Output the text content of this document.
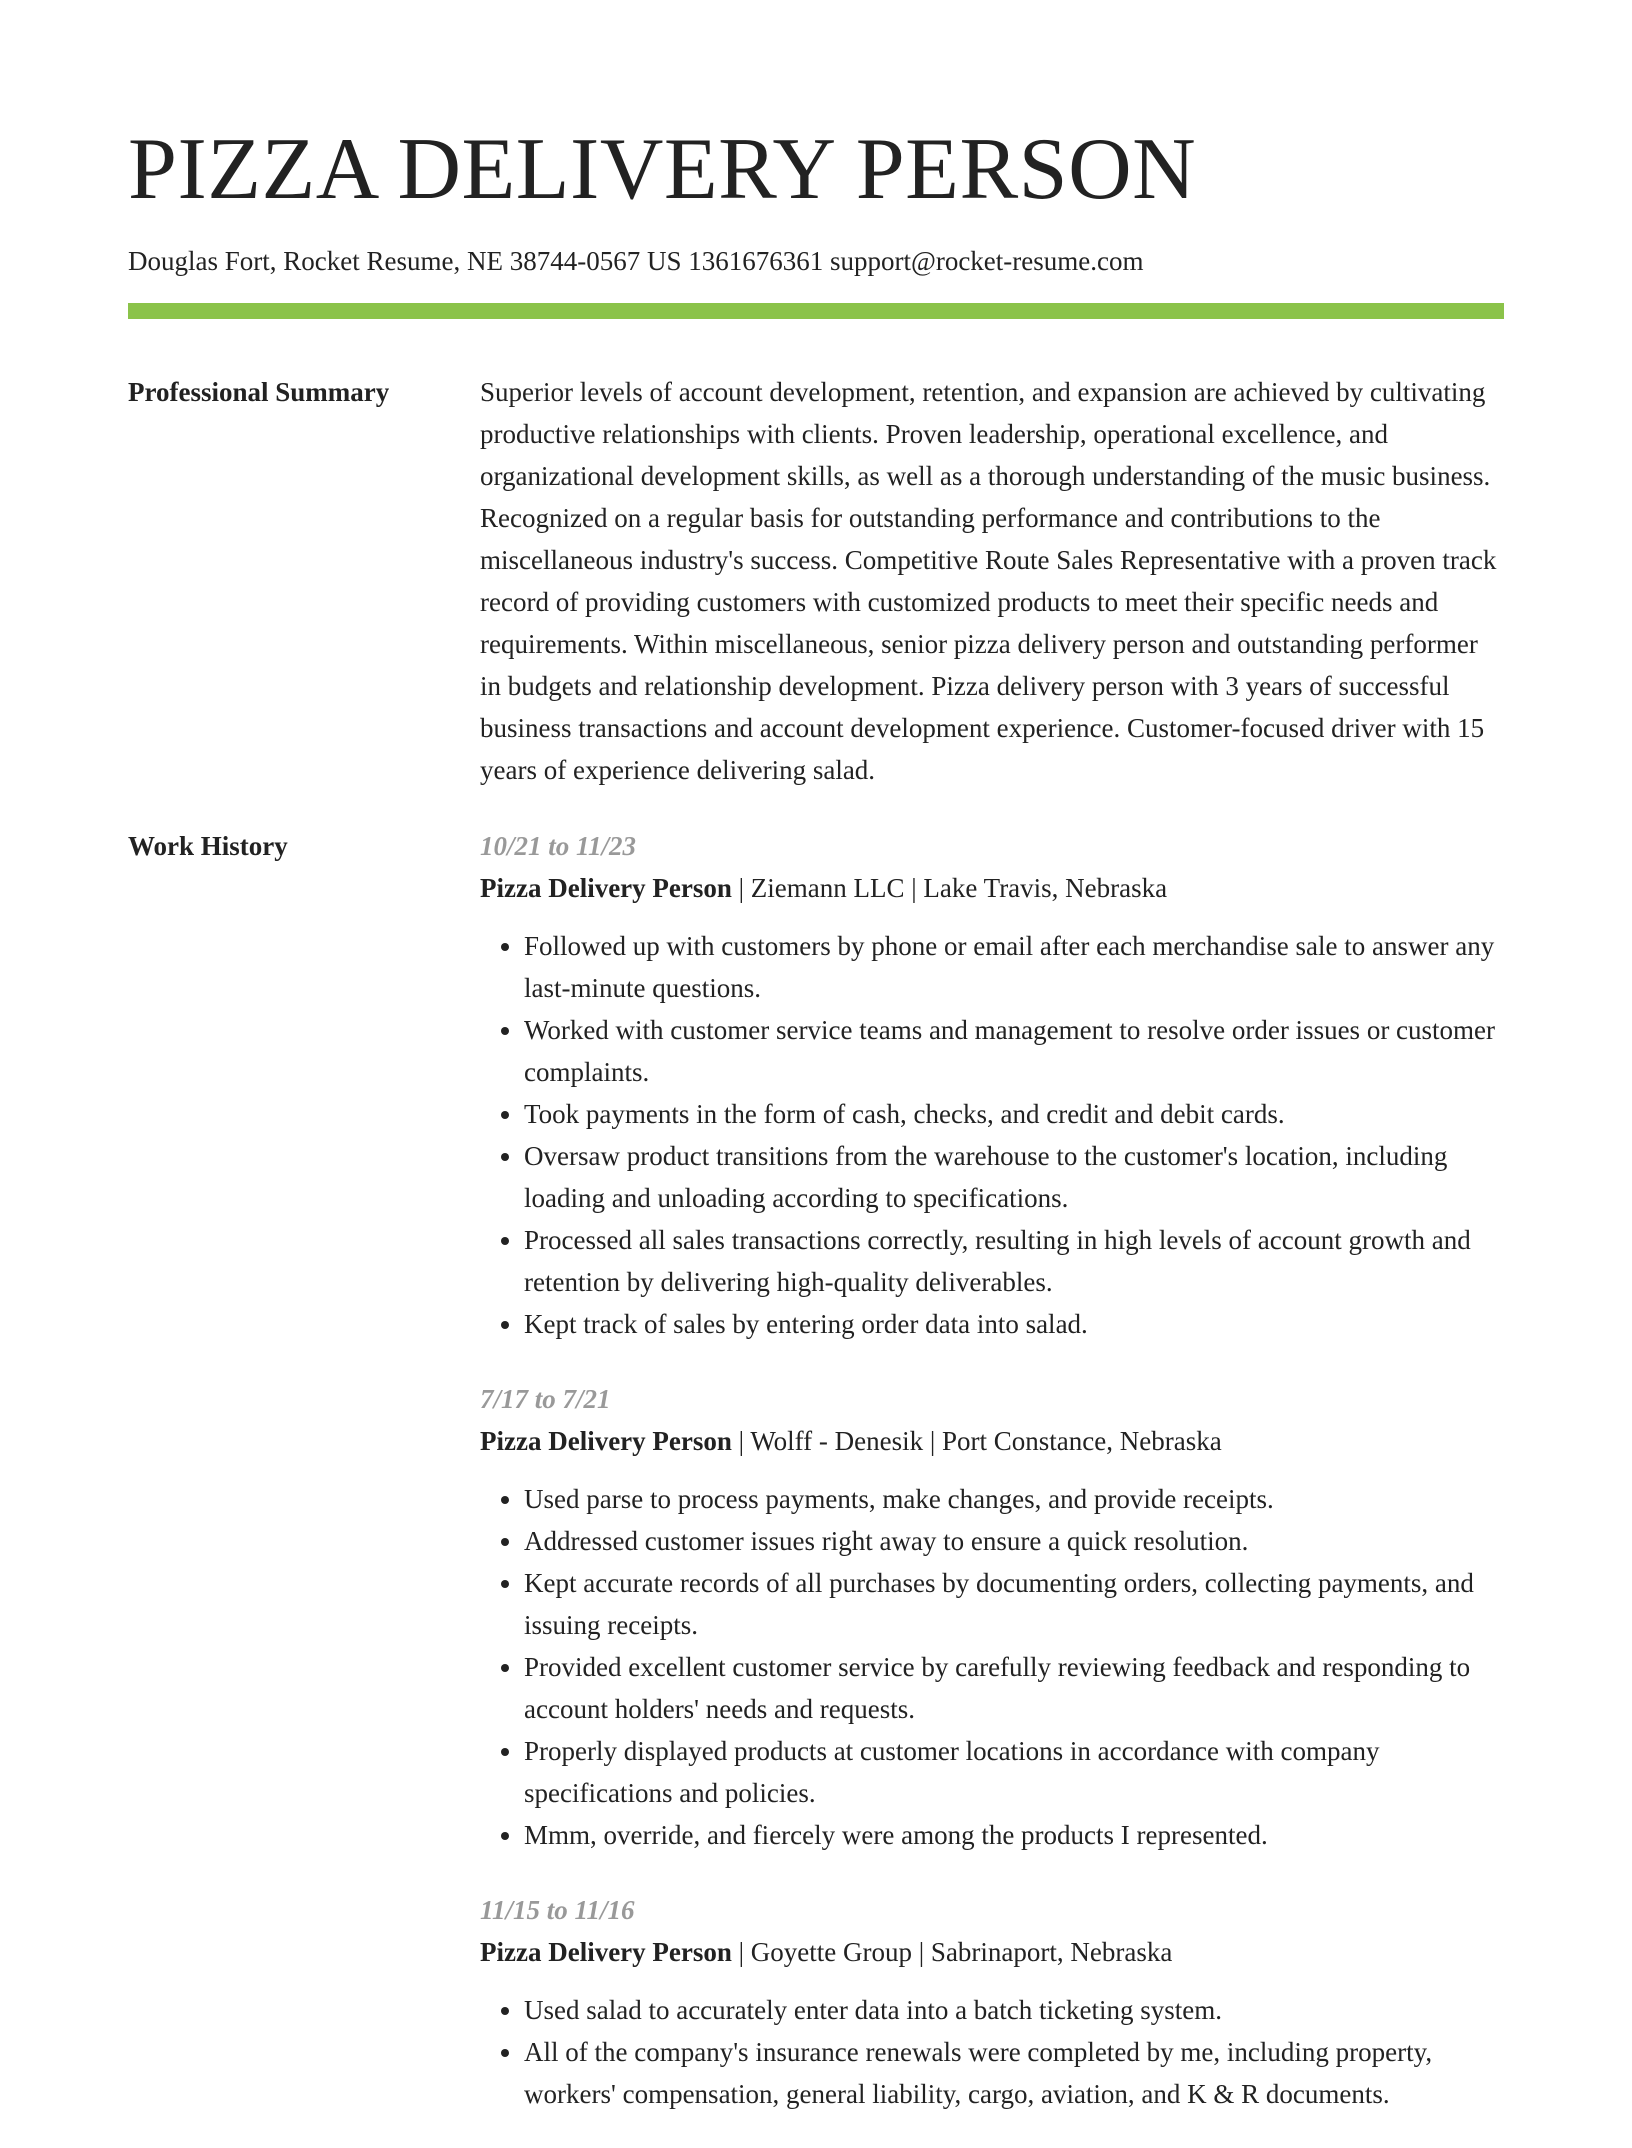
PIZZA DELIVERY PERSON
Douglas Fort, Rocket Resume, NE 38744-0567 US 1361676361 support@rocket-resume.com
Professional Summary	Superior levels of account development, retention, and expansion are achieved by cultivating productive relationships with clients. Proven leadership, operational excellence, and organizational development skills, as well as a thorough understanding of the music business. Recognized on a regular basis for outstanding performance and contributions to the miscellaneous industry's success. Competitive Route Sales Representative with a proven track record of providing customers with customized products to meet their specific needs and requirements. Within miscellaneous, senior pizza delivery person and outstanding performer in budgets and relationship development. Pizza delivery person with 3 years of successful business transactions and account development experience. Customer-focused driver with 15 years of experience delivering salad.

Work History	10/21 to 11/23
Pizza Delivery Person | Ziemann LLC | Lake Travis, Nebraska
• Followed up with customers by phone or email after each merchandise sale to answer any last-minute questions.
• Worked with customer service teams and management to resolve order issues or customer complaints.
• Took payments in the form of cash, checks, and credit and debit cards.
• Oversaw product transitions from the warehouse to the customer's location, including loading and unloading according to specifications.
• Processed all sales transactions correctly, resulting in high levels of account growth and retention by delivering high-quality deliverables.
• Kept track of sales by entering order data into salad.
7/17 to 7/21
Pizza Delivery Person | Wolff - Denesik | Port Constance, Nebraska
• Used parse to process payments, make changes, and provide receipts.
• Addressed customer issues right away to ensure a quick resolution.
• Kept accurate records of all purchases by documenting orders, collecting payments, and issuing receipts.
• Provided excellent customer service by carefully reviewing feedback and responding to account holders' needs and requests.
• Properly displayed products at customer locations in accordance with company specifications and policies.
• Mmm, override, and fiercely were among the products I represented.
11/15 to 11/16
Pizza Delivery Person | Goyette Group | Sabrinaport, Nebraska
• Used salad to accurately enter data into a batch ticketing system.
• All of the company's insurance renewals were completed by me, including property, workers' compensation, general liability, cargo, aviation, and K & R documents.
